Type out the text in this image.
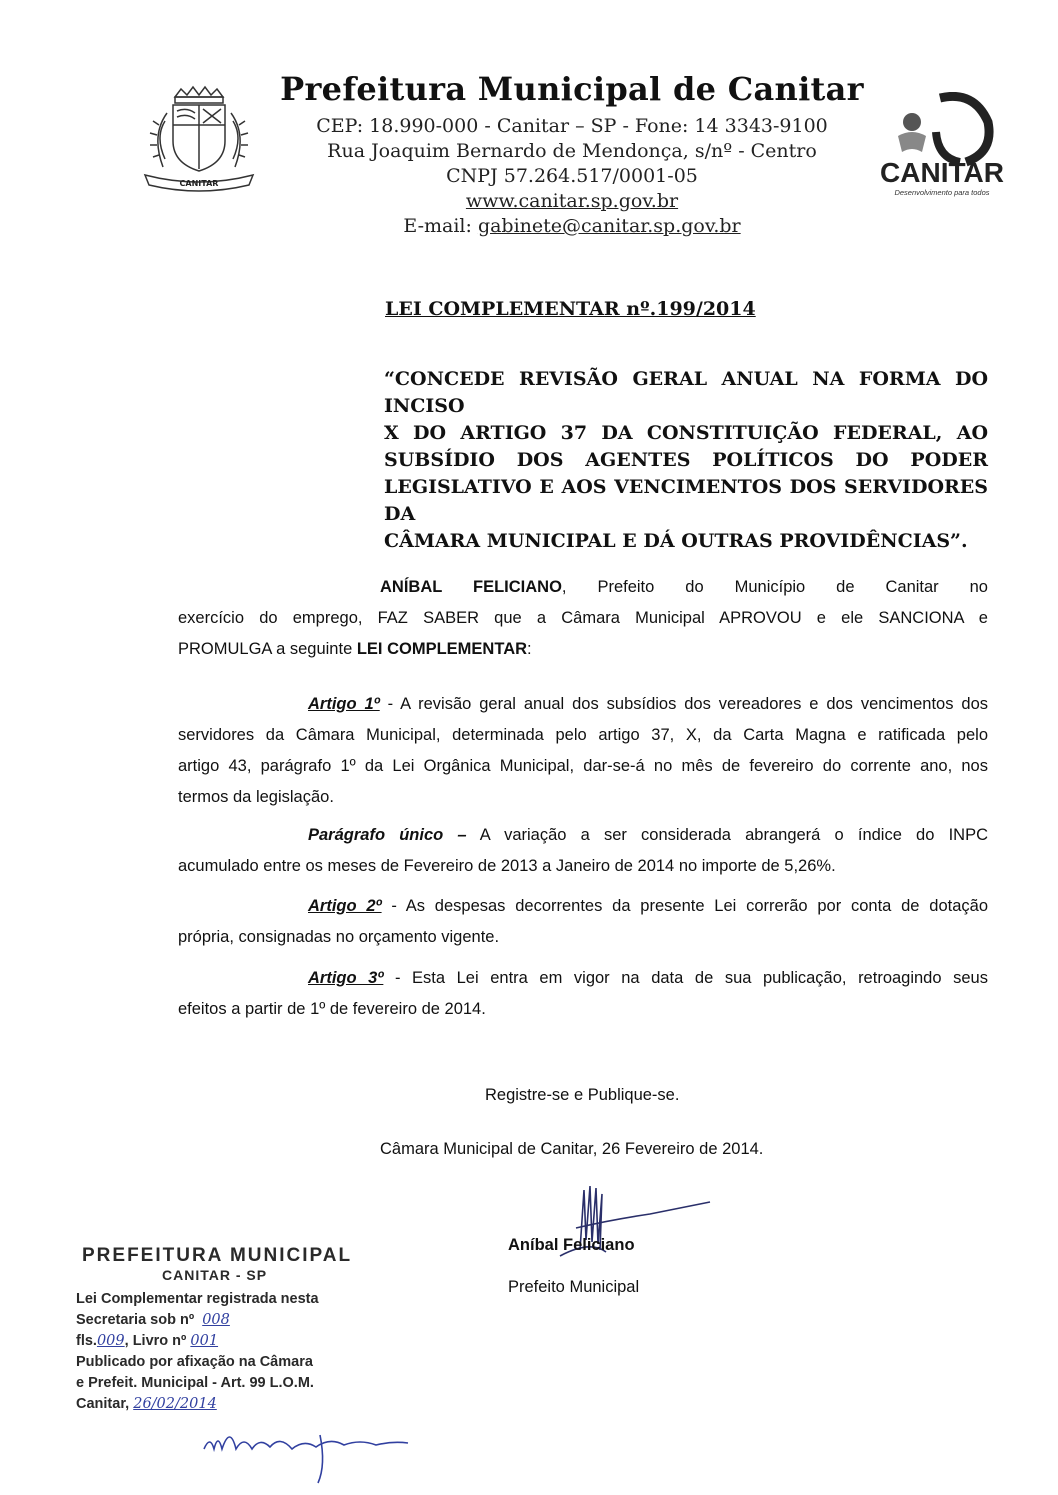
CANITAR
Prefeitura Municipal de Canitar

CEP: 18.990-000 - Canitar – SP - Fone: 14 3343-9100

Rua Joaquim Bernardo de Mendonça, s/nº - Centro

CNPJ 57.264.517/0001-05

www.canitar.sp.gov.br

E-mail: gabinete@canitar.sp.gov.br

CANITAR
Desenvolvimento para todos
LEI COMPLEMENTAR nº.199/2014
“CONCEDE REVISÃO GERAL ANUAL NA FORMA DO INCISO
X DO ARTIGO 37 DA CONSTITUIÇÃO FEDERAL, AO
SUBSÍDIO DOS AGENTES POLÍTICOS DO PODER
LEGISLATIVO E AOS VENCIMENTOS DOS SERVIDORES DA
CÂMARA MUNICIPAL E DÁ OUTRAS PROVIDÊNCIAS”.
ANÍBAL FELICIANO, Prefeito do Município de Canitar no
exercício do emprego, FAZ SABER que a Câmara Municipal APROVOU e ele SANCIONA e
PROMULGA a seguinte LEI COMPLEMENTAR:
Artigo 1º - A revisão geral anual dos subsídios dos vereadores e dos vencimentos dos
servidores da Câmara Municipal, determinada pelo artigo 37, X, da Carta Magna e ratificada pelo
artigo 43, parágrafo 1º da Lei Orgânica Municipal, dar-se-á no mês de fevereiro do corrente ano, nos
termos da legislação.
Parágrafo único – A variação a ser considerada abrangerá o índice do INPC
acumulado entre os meses de Fevereiro de 2013 a Janeiro de 2014 no importe de 5,26%.
Artigo 2º - As despesas decorrentes da presente Lei correrão por conta de dotação
própria, consignadas no orçamento vigente.
Artigo 3º - Esta Lei entra em vigor na data de sua publicação, retroagindo seus
efeitos a partir de 1º de fevereiro de 2014.
Registre-se e Publique-se.
Câmara Municipal de Canitar, 26 Fevereiro de 2014.
Aníbal Feliciano
Prefeito Municipal
PREFEITURA MUNICIPAL
CANITAR - SP

Lei Complementar registrada nesta

Secretaria sob nº 008

fls.009, Livro nº 001

Publicado por afixação na Câmara

e Prefeit. Municipal - Art. 99 L.O.M.

Canitar, 26/02/2014
